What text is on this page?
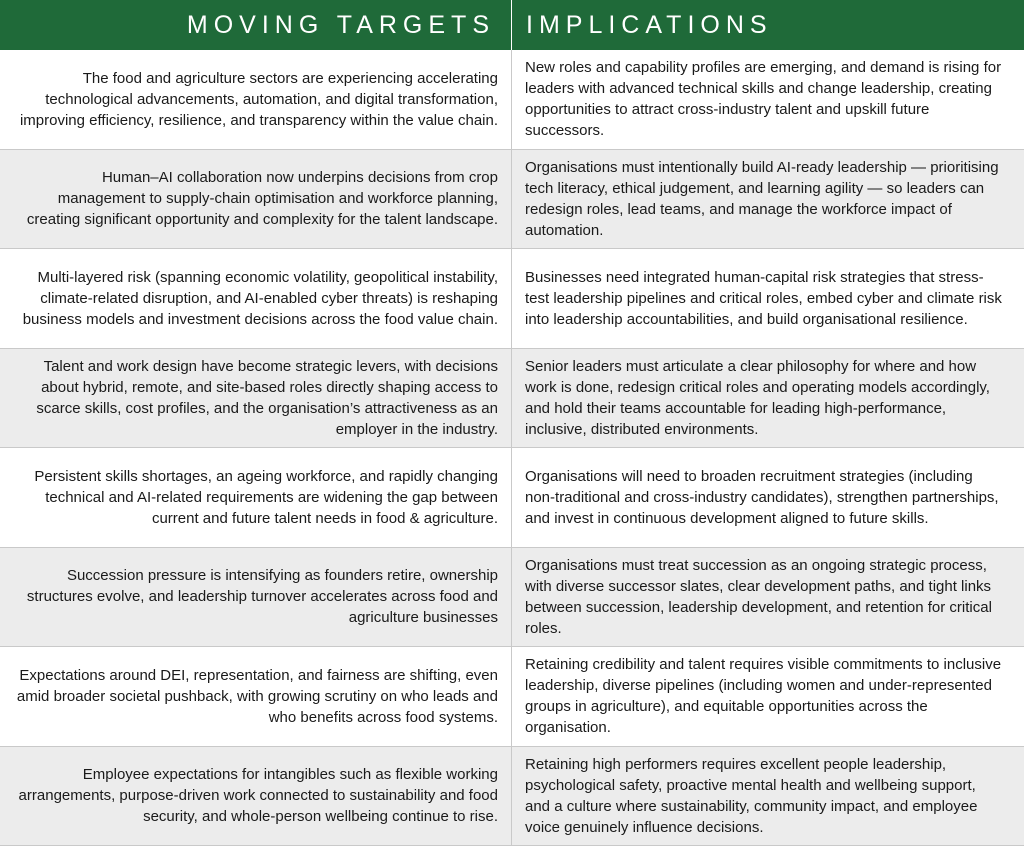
MOVING TARGETS	IMPLICATIONS
The food and agriculture sectors are experiencing accelerating technological advancements, automation, and digital transformation, improving efficiency, resilience, and transparency within the value chain.
New roles and capability profiles are emerging, and demand is rising for leaders with advanced technical skills and change leadership, creating opportunities to attract cross-industry talent and upskill future successors.
Human–AI collaboration now underpins decisions from crop management to supply-chain optimisation and workforce planning, creating significant opportunity and complexity for the talent landscape.
Organisations must intentionally build AI-ready leadership — prioritising tech literacy, ethical judgement, and learning agility — so leaders can redesign roles, lead teams, and manage the workforce impact of automation.
Multi-layered risk (spanning economic volatility, geopolitical instability, climate-related disruption, and AI-enabled cyber threats) is reshaping business models and investment decisions across the food value chain.
Businesses need integrated human-capital risk strategies that stress-test leadership pipelines and critical roles, embed cyber and climate risk into leadership accountabilities, and build organisational resilience.
Talent and work design have become strategic levers, with decisions about hybrid, remote, and site-based roles directly shaping access to scarce skills, cost profiles, and the organisation’s attractiveness as an employer in the industry.
Senior leaders must articulate a clear philosophy for where and how work is done, redesign critical roles and operating models accordingly, and hold their teams accountable for leading high-performance, inclusive, distributed environments.
Persistent skills shortages, an ageing workforce, and rapidly changing technical and AI-related requirements are widening the gap between current and future talent needs in food & agriculture.
Organisations will need to broaden recruitment strategies (including non-traditional and cross-industry candidates), strengthen partnerships, and invest in continuous development aligned to future skills.
Succession pressure is intensifying as founders retire, ownership structures evolve, and leadership turnover accelerates across food and agriculture businesses
Organisations must treat succession as an ongoing strategic process, with diverse successor slates, clear development paths, and tight links between succession, leadership development, and retention for critical roles.
Expectations around DEI, representation, and fairness are shifting, even amid broader societal pushback, with growing scrutiny on who leads and who benefits across food systems.
Retaining credibility and talent requires visible commitments to inclusive leadership, diverse pipelines (including women and under-represented groups in agriculture), and equitable opportunities across the organisation.
Employee expectations for intangibles such as flexible working arrangements, purpose-driven work connected to sustainability and food security, and whole-person wellbeing continue to rise.
Retaining high performers requires excellent people leadership, psychological safety, proactive mental health and wellbeing support, and a culture where sustainability, community impact, and employee voice genuinely influence decisions.
